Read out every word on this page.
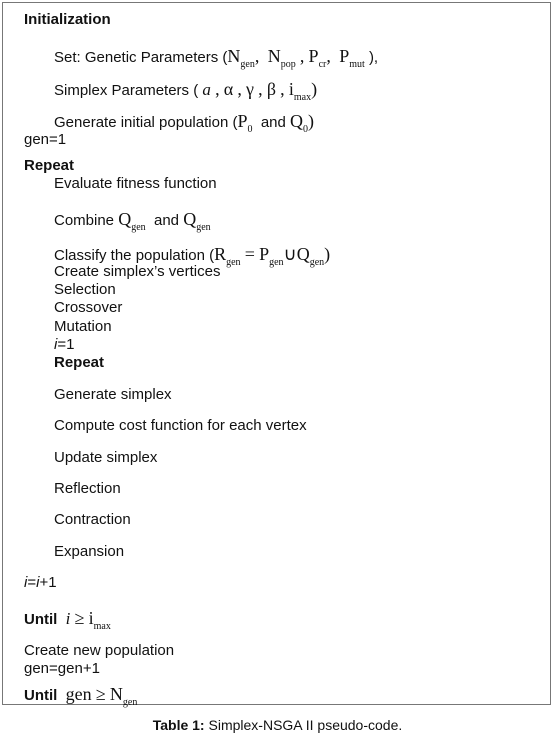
Initialization
Set: Genetic Parameters ($N_{gen}$, $N_{pop}$ , $P_{cr}$, $P_{mut}$ ),
Simplex Parameters ( a , α , γ , β , $i_{max}$)
Generate initial population ($P_0$ and $Q_0$)
gen=1
Repeat
Evaluate fitness function
Combine $Q_{gen}$ and $Q_{gen}$
Classify the population ($R_{gen}$ = $P_{gen}\cup Q_{gen}$)
Create simplex’s vertices
Selection
Crossover
Mutation
i=1
Repeat
Generate simplex
Compute cost function for each vertex
Update simplex
Reflection
Contraction
Expansion
i=i+1
Until $i \ge i_{max}$
Create new population
gen=gen+1
Until gen ≥ $N_{gen}$
Table 1: Simplex-NSGA II pseudo-code.
